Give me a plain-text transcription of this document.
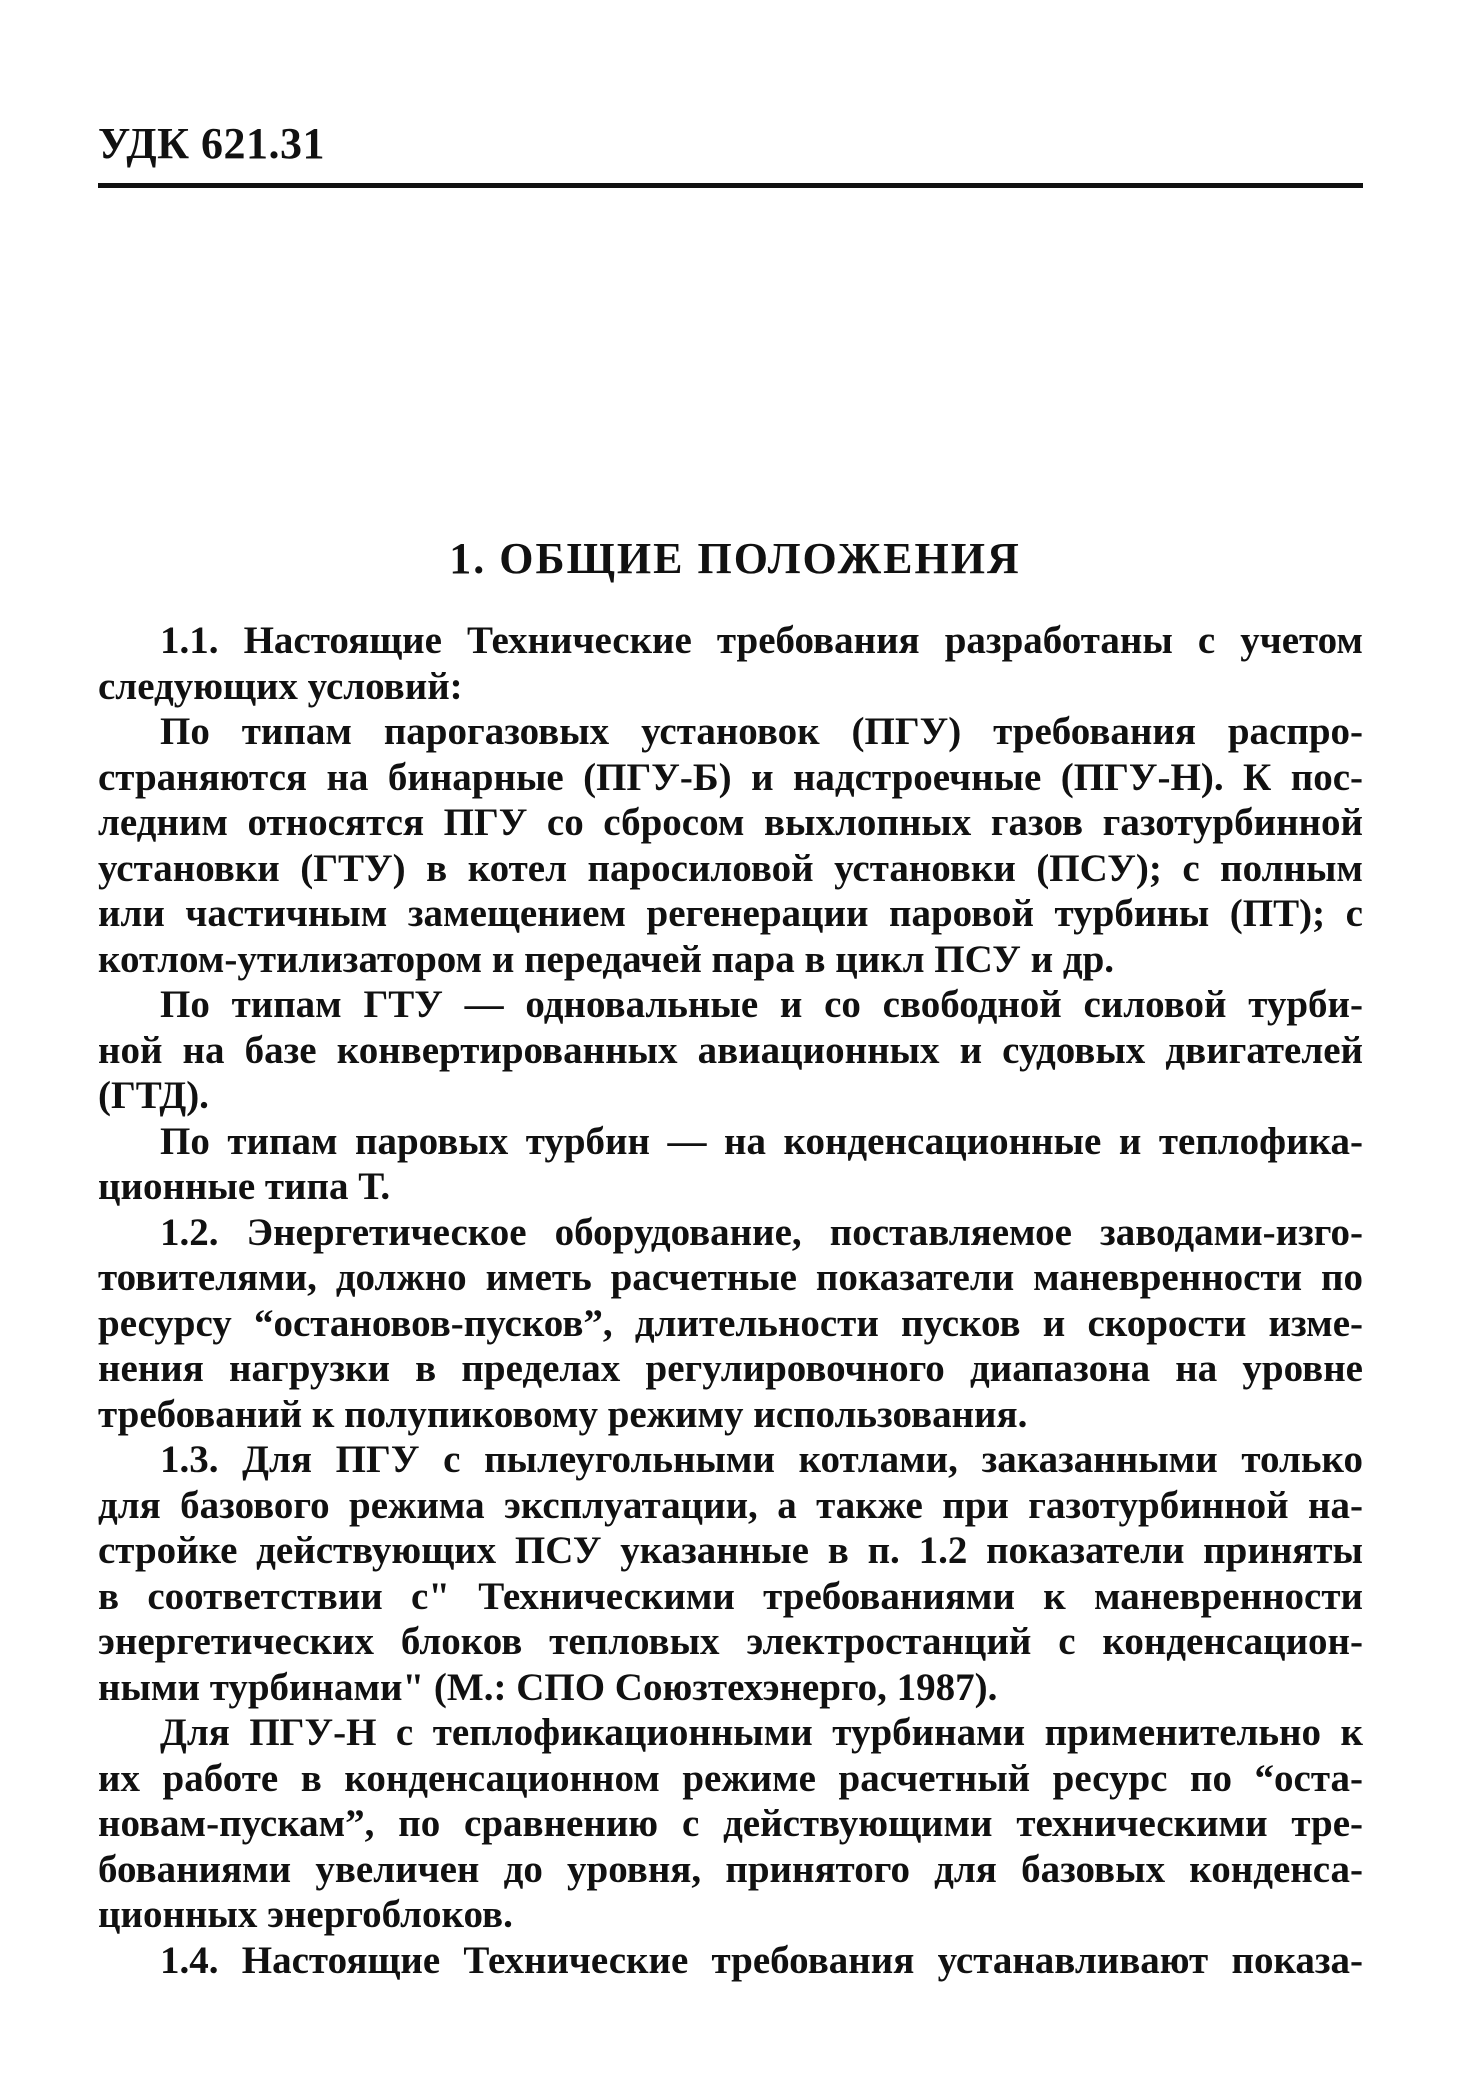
УДК 621.31
1. ОБЩИЕ ПОЛОЖЕНИЯ
1.1. Настоящие Технические требования разработаны с учетом
следующих условий:
По типам парогазовых установок (ПГУ) требования распро-
страняются на бинарные (ПГУ-Б) и надстроечные (ПГУ-Н). К пос-
ледним относятся ПГУ со сбросом выхлопных газов газотурбинной
установки (ГТУ) в котел паросиловой установки (ПСУ); с полным
или частичным замещением регенерации паровой турбины (ПТ); с
котлом-утилизатором и передачей пара в цикл ПСУ и др.
По типам ГТУ — одновальные и со свободной силовой турби-
ной на базе конвертированных авиационных и судовых двигателей
(ГТД).
По типам паровых турбин — на конденсационные и теплофика-
ционные типа Т.
1.2. Энергетическое оборудование, поставляемое заводами-изго-
товителями, должно иметь расчетные показатели маневренности по
ресурсу “остановов-пусков”, длительности пусков и скорости изме-
нения нагрузки в пределах регулировочного диапазона на уровне
требований к полупиковому режиму использования.
1.3. Для ПГУ с пылеугольными котлами, заказанными только
для базового режима эксплуатации, а также при газотурбинной на-
стройке действующих ПСУ указанные в п. 1.2 показатели приняты
в соответствии с" Техническими требованиями к маневренности
энергетических блоков тепловых электростанций с конденсацион-
ными турбинами" (М.: СПО Союзтехэнерго, 1987).
Для ПГУ-Н с теплофикационными турбинами применительно к
их работе в конденсационном режиме расчетный ресурс по “оста-
новам-пускам”, по сравнению с действующими техническими тре-
бованиями увеличен до уровня, принятого для базовых конденса-
ционных энергоблоков.
1.4. Настоящие Технические требования устанавливают показа-
